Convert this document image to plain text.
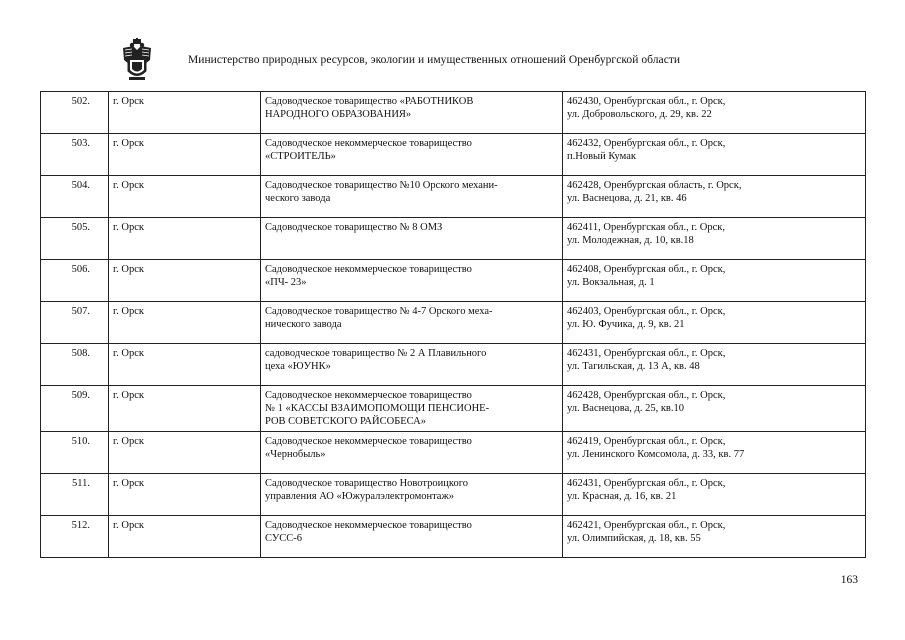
Министерство природных ресурсов, экологии и имущественных отношений Оренбургской области
502.	г. Орск	Садоводческое товарищество «РАБОТНИКОВ
НАРОДНОГО ОБРАЗОВАНИЯ»	462430, Оренбургская обл., г. Орск,
ул. Добровольского, д. 29, кв. 22

503.	г. Орск	Садоводческое некоммерческое товарищество
«СТРОИТЕЛЬ»	462432, Оренбургская обл., г. Орск,
п.Новый Кумак

504.	г. Орск	Садоводческое товарищество №10 Орского механи-
ческого завода	462428, Оренбургская область, г. Орск,
ул. Васнецова, д. 21, кв. 46

505.	г. Орск	Садоводческое товарищество № 8 ОМЗ	462411, Оренбургская обл., г. Орск,
ул. Молодежная, д. 10, кв.18

506.	г. Орск	Садоводческое некоммерческое товарищество
«ПЧ- 23»	462408, Оренбургская обл., г. Орск,
ул. Вокзальная, д. 1

507.	г. Орск	Садоводческое товарищество № 4-7 Орского меха-
нического завода	462403, Оренбургская обл., г. Орск,
ул. Ю. Фучика, д. 9, кв. 21

508.	г. Орск	садоводческое товарищество № 2 А Плавильного
цеха «ЮУНК»	462431, Оренбургская обл., г. Орск,
ул. Тагильская, д. 13 А, кв. 48

509.	г. Орск	Садоводческое некоммерческое товарищество
№ 1 «КАССЫ ВЗАИМОПОМОЩИ ПЕНСИОНЕ-
РОВ СОВЕТСКОГО РАЙСОБЕСА»	462428, Оренбургская обл., г. Орск,
ул. Васнецова, д. 25, кв.10

510.	г. Орск	Садоводческое некоммерческое товарищество
«Чернобыль»	462419, Оренбургская обл., г. Орск,
ул. Ленинского Комсомола, д. 33, кв. 77

511.	г. Орск	Садоводческое товарищество Новотроицкого
управления АО «Южуралэлектромонтаж»	462431, Оренбургская обл., г. Орск,
ул. Красная, д. 16, кв. 21

512.	г. Орск	Садоводческое некоммерческое товарищество
СУСС-6	462421, Оренбургская обл., г. Орск,
ул. Олимпийская, д. 18, кв. 55
163
